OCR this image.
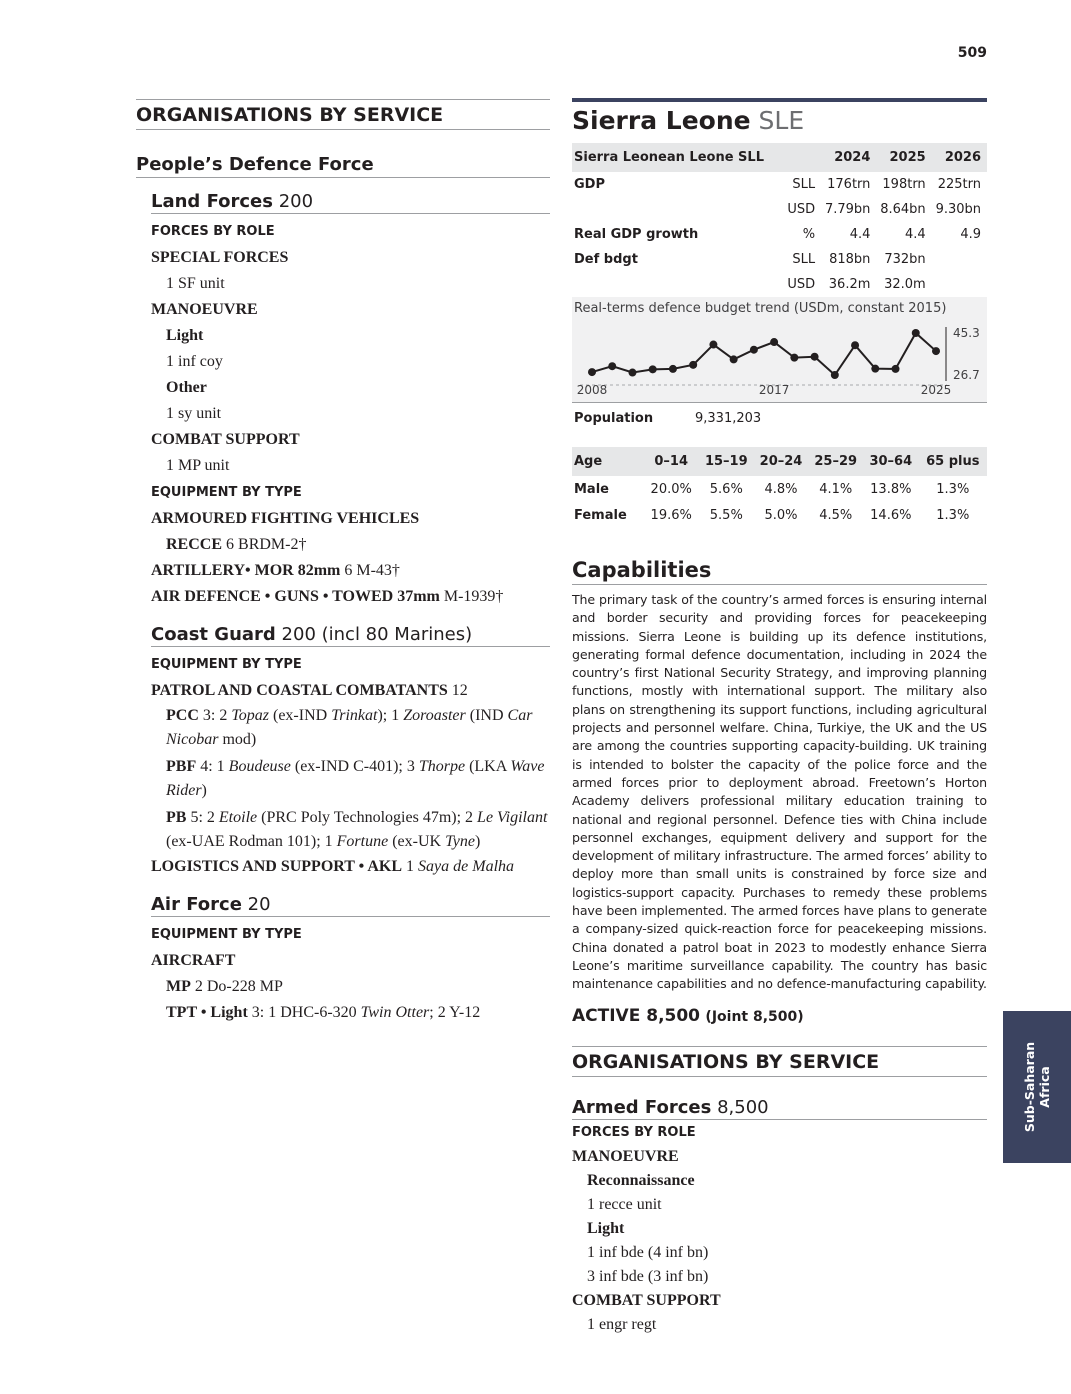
509
ORGANISATIONS BY SERVICE
People’s Defence Force
Land Forces 200
FORCES BY ROLE
SPECIAL FORCES
1 SF unit
MANOEUVRE
Light
1 inf coy
Other
1 sy unit
COMBAT SUPPORT
1 MP unit
EQUIPMENT BY TYPE
ARMOURED FIGHTING VEHICLES
RECCE 6 BRDM-2†
ARTILLERY• MOR 82mm 6 M-43†
AIR DEFENCE • GUNS • TOWED 37mm M-1939†
Coast Guard 200 (incl 80 Marines)
EQUIPMENT BY TYPE
PATROL AND COASTAL COMBATANTS 12
PCC 3: 2 Topaz (ex-IND Trinkat); 1 Zoroaster (IND Car Nicobar mod)
PBF 4: 1 Boudeuse (ex-IND C-401); 3 Thorpe (LKA Wave Rider)
PB 5: 2 Etoile (PRC Poly Technologies 47m); 2 Le Vigilant (ex-UAE Rodman 101); 1 Fortune (ex-UK Tyne)
LOGISTICS AND SUPPORT • AKL 1 Saya de Malha
Air Force 20
EQUIPMENT BY TYPE
AIRCRAFT
MP 2 Do-228 MP
TPT • Light 3: 1 DHC-6-320 Twin Otter; 2 Y-12
Sierra Leone SLE
Sierra Leonean Leone SLL		2024	2025	2026
GDP	SLL	176trn	198trn	225trn
	USD	7.79bn	8.64bn	9.30bn
Real GDP growth	%	4.4	4.4	4.9
Def bdgt	SLL	818bn	732bn	
	USD	36.2m	32.0m	
Real-terms defence budget trend (USDm, constant 2015)
2008	2017	2025
45.3
26.7
Population	9,331,203
Age	0–14	15–19	20–24	25–29	30–64	65 plus
Male	20.0%	5.6%	4.8%	4.1%	13.8%	1.3%
Female	19.6%	5.5%	5.0%	4.5%	14.6%	1.3%
Capabilities
The primary task of the country’s armed forces is ensuring internal and border security and providing forces for peacekeeping missions. Sierra Leone is building up its defence institutions, generating formal defence documentation, including in 2024 the country’s first National Security Strategy, and improving planning functions, mostly with international support. The military also plans on strengthening its support functions, including agricultural projects and personnel welfare. China, Turkiye, the UK and the US are among the countries supporting capacity-building. UK training is intended to bolster the capacity of the police force and the armed forces prior to deployment abroad. Freetown’s Horton Academy delivers professional military education training to national and regional personnel. Defence ties with China include personnel exchanges, equipment delivery and support for the development of military infrastructure. The armed forces’ ability to deploy more than small units is constrained by force size and logistics-support capacity. Purchases to remedy these problems have been implemented. The armed forces have plans to generate a company-sized quick-reaction force for peacekeeping missions. China donated a patrol boat in 2023 to modestly enhance Sierra Leone’s maritime surveillance capability. The country has basic maintenance capabilities and no defence-manufacturing capability.
ACTIVE 8,500 (Joint 8,500)
ORGANISATIONS BY SERVICE
Armed Forces 8,500
FORCES BY ROLE
MANOEUVRE
Reconnaissance
1 recce unit
Light
1 inf bde (4 inf bn)
3 inf bde (3 inf bn)
COMBAT SUPPORT
1 engr regt
Sub-Saharan
Africa
